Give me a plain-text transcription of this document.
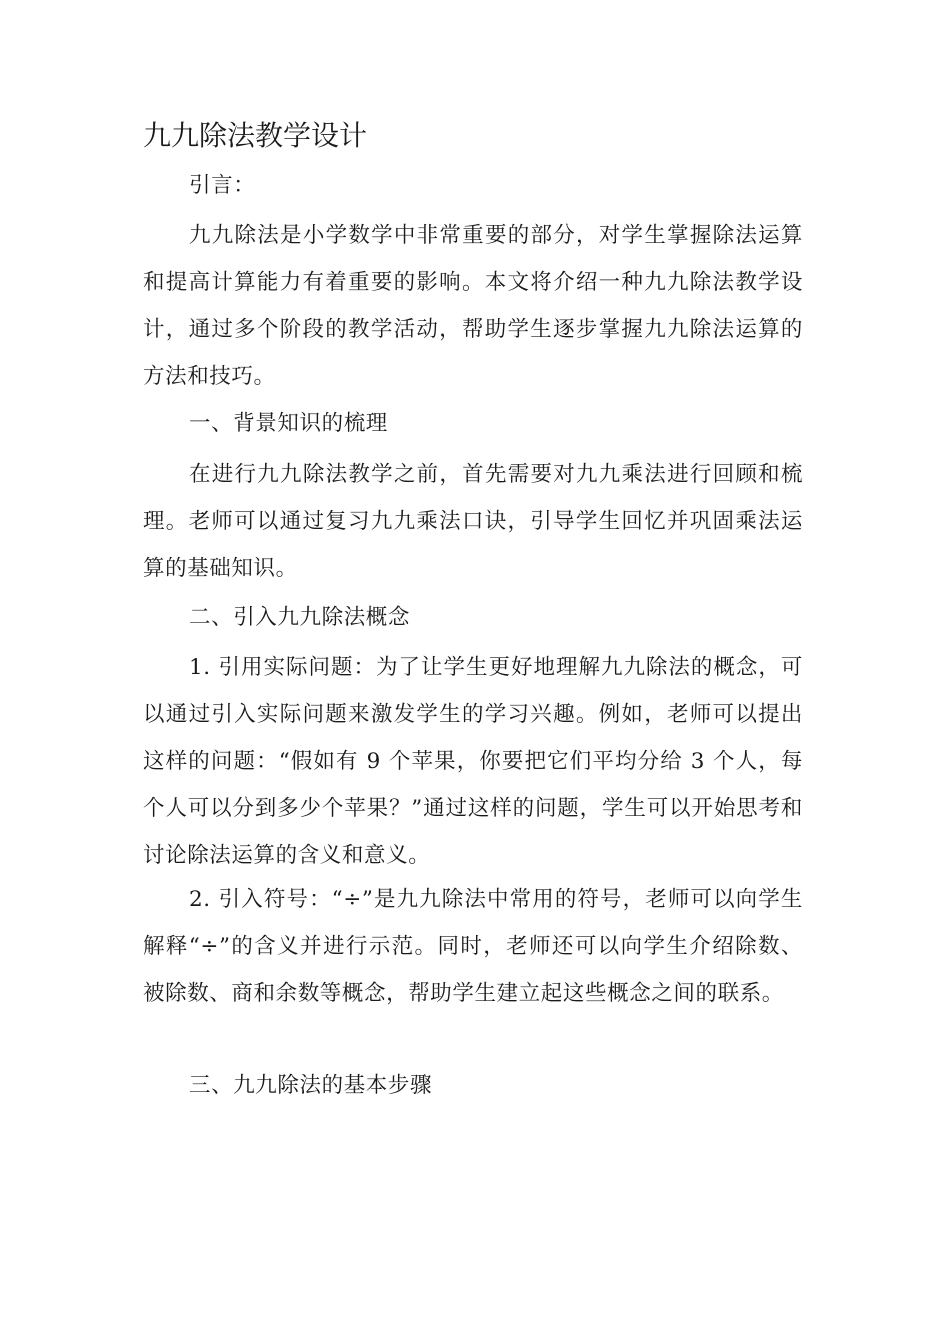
九九除法教学设计

引言：

九九除法是小学数学中非常重要的部分，对学生掌握除法运算和提高计算能力有着重要的影响。本文将介绍一种九九除法教学设计，通过多个阶段的教学活动，帮助学生逐步掌握九九除法运算的方法和技巧。

一、背景知识的梳理

在进行九九除法教学之前，首先需要对九九乘法进行回顾和梳理。老师可以通过复习九九乘法口诀，引导学生回忆并巩固乘法运算的基础知识。

二、引入九九除法概念

1. 引用实际问题：为了让学生更好地理解九九除法的概念，可以通过引入实际问题来激发学生的学习兴趣。例如，老师可以提出这样的问题：“假如有 9 个苹果，你要把它们平均分给 3 个人，每个人可以分到多少个苹果？”通过这样的问题，学生可以开始思考和讨论除法运算的含义和意义。

2. 引入符号：“÷”是九九除法中常用的符号，老师可以向学生解释“÷”的含义并进行示范。同时，老师还可以向学生介绍除数、被除数、商和余数等概念，帮助学生建立起这些概念之间的联系。

三、九九除法的基本步骤
